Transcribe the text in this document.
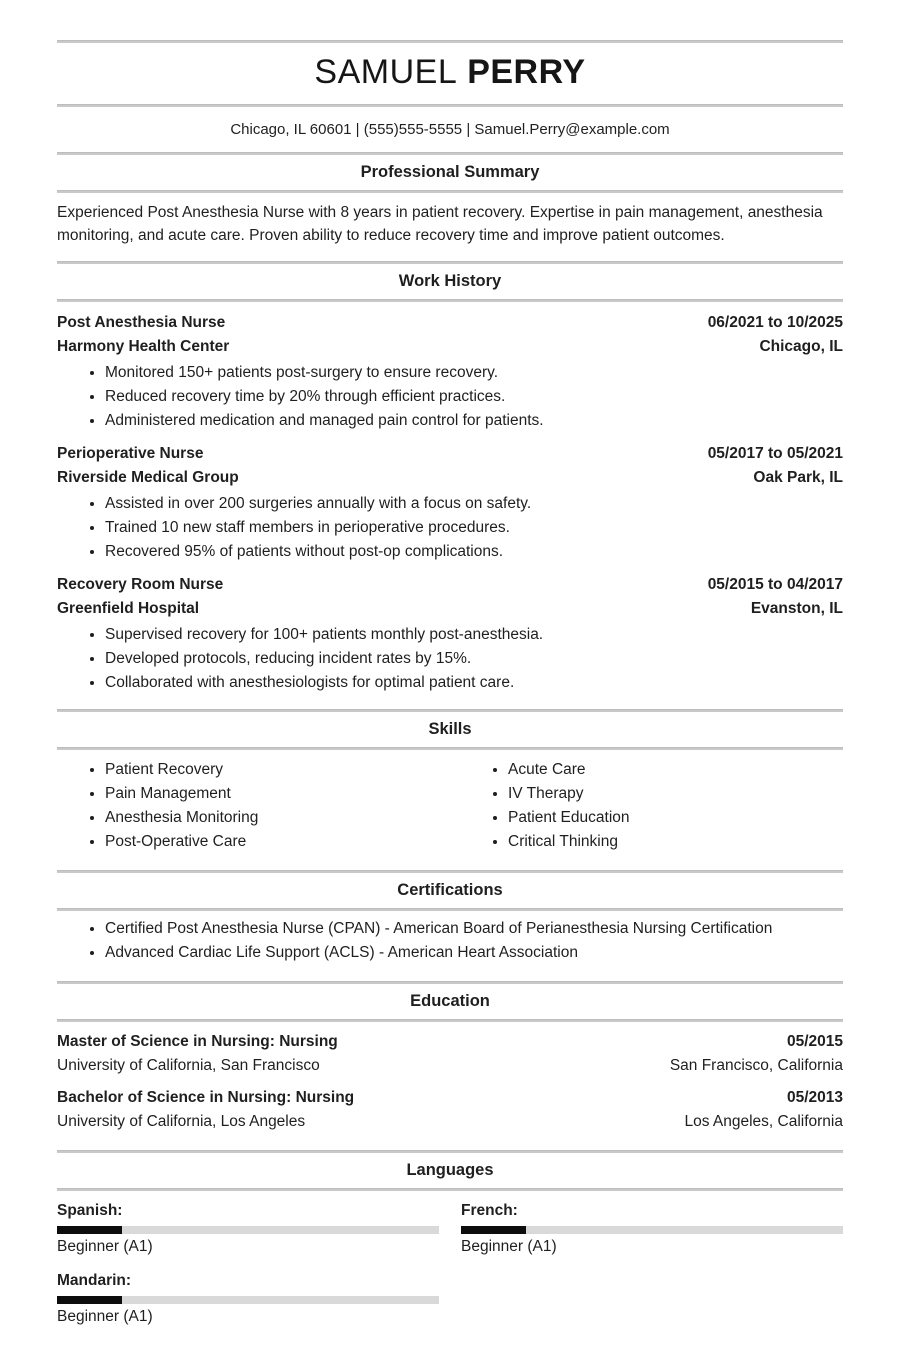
SAMUEL PERRY
Chicago, IL 60601 | (555)555-5555 | Samuel.Perry@example.com
Professional Summary

Experienced Post Anesthesia Nurse with 8 years in patient recovery. Expertise in pain management, anesthesia monitoring, and acute care. Proven ability to reduce recovery time and improve patient outcomes.

Work History
Post Anesthesia Nurse	06/2021 to 10/2025
Harmony Health Center	Chicago, IL
• Monitored 150+ patients post-surgery to ensure recovery.
• Reduced recovery time by 20% through efficient practices.
• Administered medication and managed pain control for patients.
Perioperative Nurse	05/2017 to 05/2021
Riverside Medical Group	Oak Park, IL
• Assisted in over 200 surgeries annually with a focus on safety.
• Trained 10 new staff members in perioperative procedures.
• Recovered 95% of patients without post-op complications.
Recovery Room Nurse	05/2015 to 04/2017
Greenfield Hospital	Evanston, IL
• Supervised recovery for 100+ patients monthly post-anesthesia.
• Developed protocols, reducing incident rates by 15%.
• Collaborated with anesthesiologists for optimal patient care.
Skills
• Patient Recovery
• Pain Management
• Anesthesia Monitoring
• Post-Operative Care
• Acute Care
• IV Therapy
• Patient Education
• Critical Thinking
Certifications
• Certified Post Anesthesia Nurse (CPAN) - American Board of Perianesthesia Nursing Certification
• Advanced Cardiac Life Support (ACLS) - American Heart Association
Education
Master of Science in Nursing: Nursing	05/2015
University of California, San Francisco	San Francisco, California
Bachelor of Science in Nursing: Nursing	05/2013
University of California, Los Angeles	Los Angeles, California
Languages
Spanish:
Beginner (A1)
French:
Beginner (A1)
Mandarin:
Beginner (A1)
